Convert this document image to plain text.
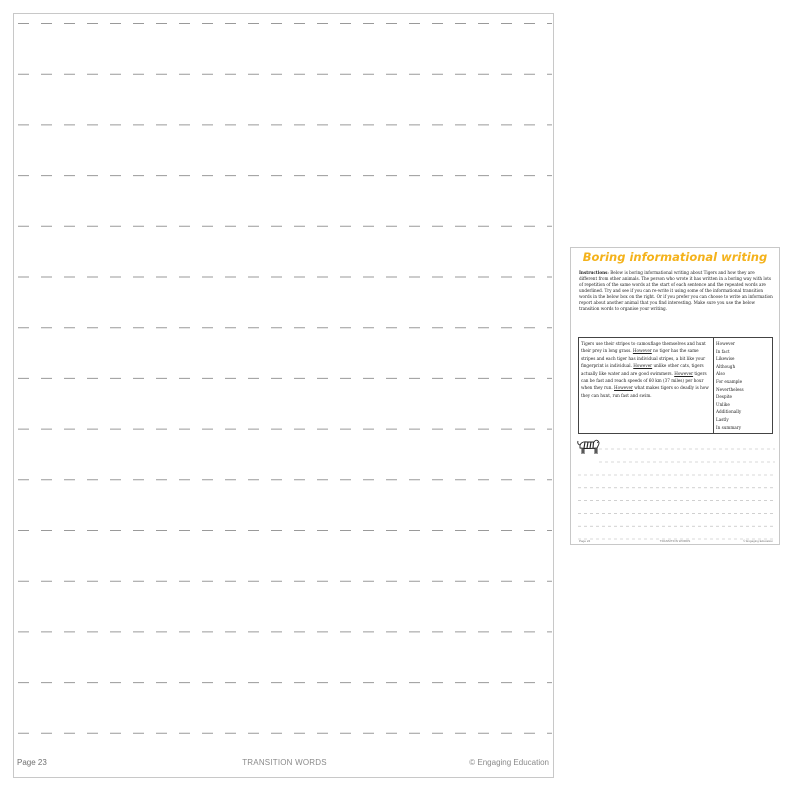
Page 23	TRANSITION WORDS	© Engaging Education
Boring informational writing
Instructions: Below is boring informational writing about Tigers and how they are different from other animals. The person who wrote it has written in a boring way with lots of repetition of the same words at the start of each sentence and the repeated words are underlined. Try and see if you can re-write it using some of the informational transition words in the below box on the right. Or if you prefer you can choose to write an information report about another animal that you find interesting. Make sure you use the below transition words to organise your writing.
Tigers use their stripes to camouflage themselves and hunt their prey in long grass. However no tiger has the same stripes and each tiger has individual stripes, a bit like your fingerprint is individual. However unlike other cats, tigers actually like water and are good swimmers. However tigers can be fast and reach speeds of 60 km (37 miles) per hour when they run. However what makes tigers so deadly is how they can hunt, run fast and swim.
However
In fact
Likewise
Although
Also
For example
Nevertheless
Despite
Unlike
Additionally
Lastly
In summary
Page 24	TRANSITION WORDS	© Engaging Education
